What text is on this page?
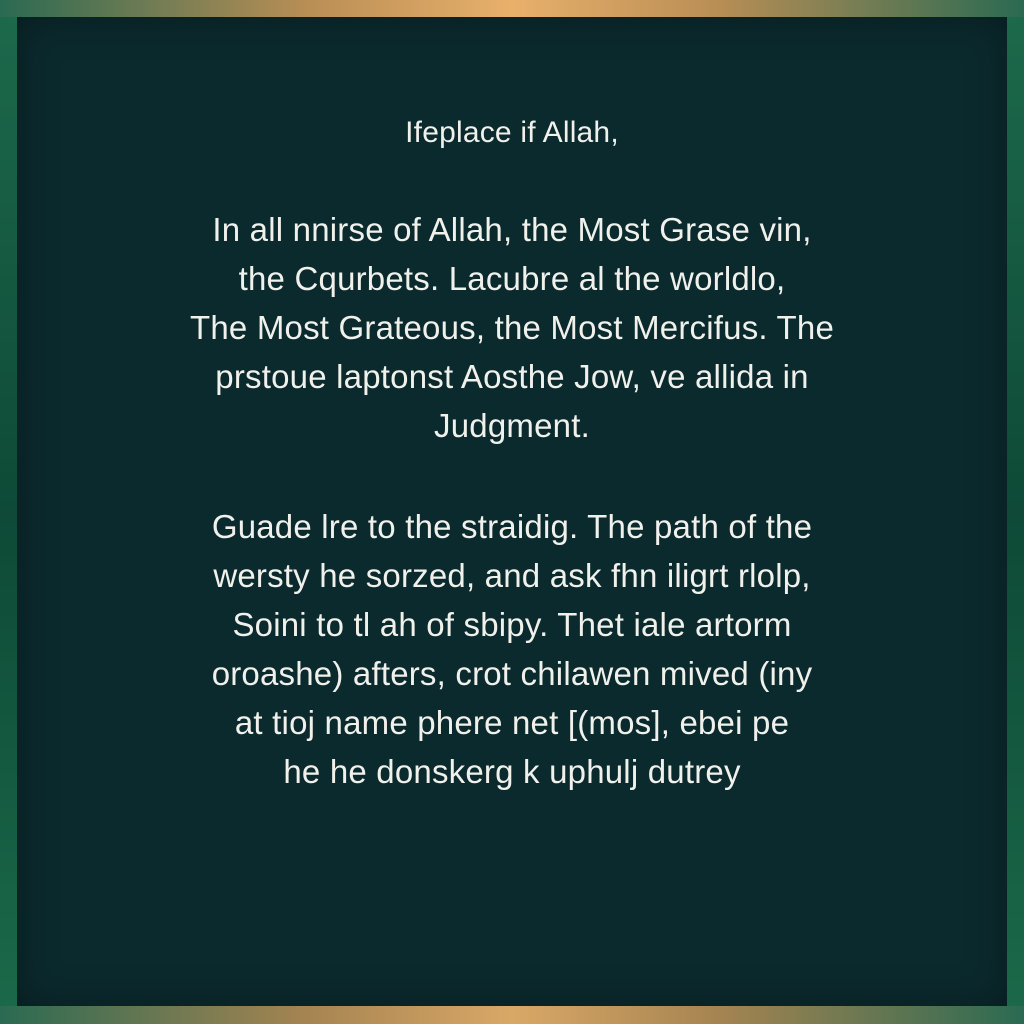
Ifeplace if Allah,
In all nnirse of Allah, the Most Grase vin,
the Cqurbets. Lacubre al the worldlo,
The Most Grateous, the Most Mercifus. The
prstoue laptonst Aosthe Jow, ve allida in
Judgment.
Guade lre to the straidig. The path of the
wersty he sorzed, and ask fhn iligrt rlolp,
Soini to tl ah of sbipy. Thet iale artorm
oroashe) afters, crot chilawen mived (iny
at tioj name phere net [(mos], ebei pe
he he donskerg k uphulj dutrey
